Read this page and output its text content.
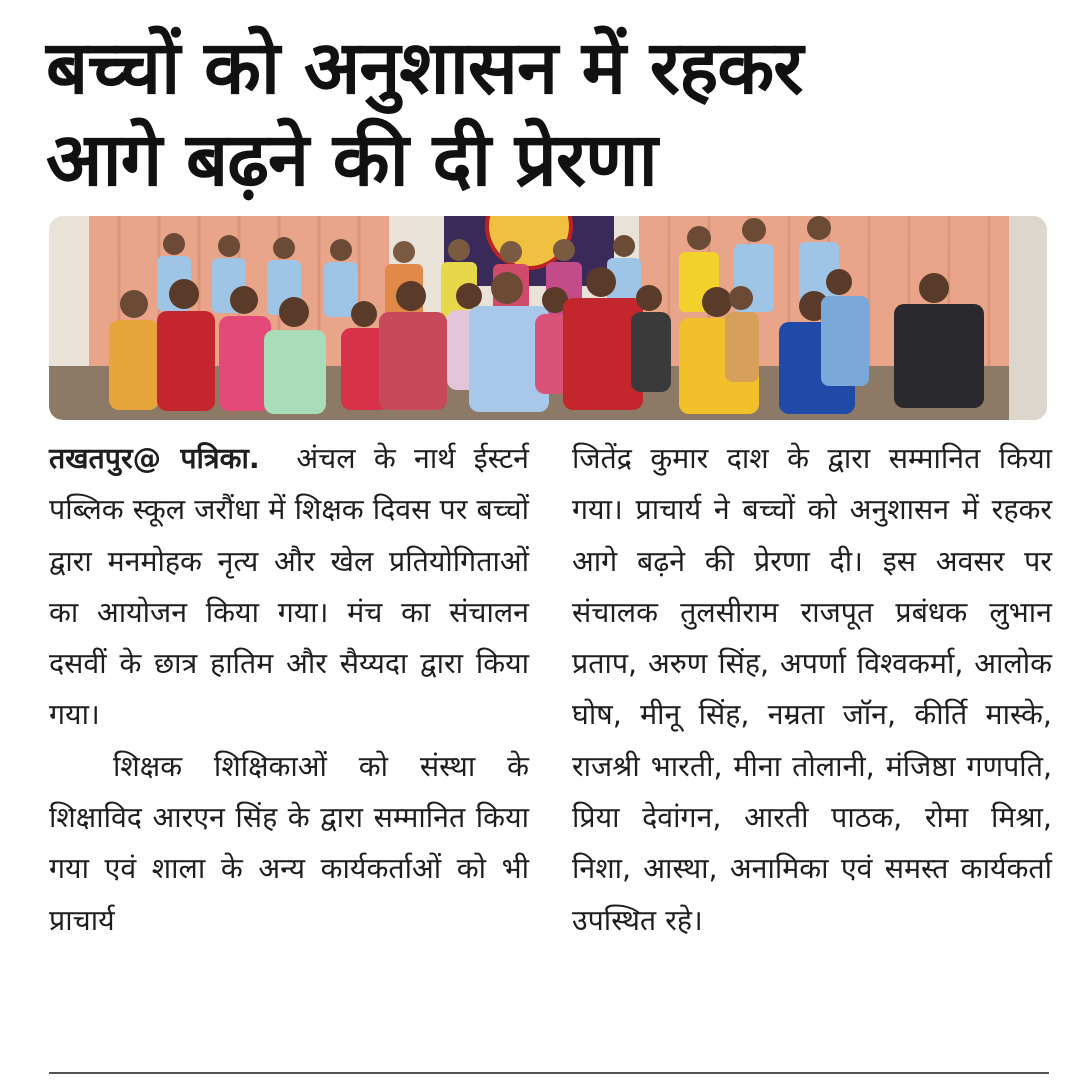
बच्चों को अनुशासन में रहकर
आगे बढ़ने की दी प्रेरणा

तखतपुर@ पत्रिका. अंचल के नार्थ ईस्टर्न पब्लिक स्कूल जरौंधा में शिक्षक दिवस पर बच्चों द्वारा मनमोहक नृत्य और खेल प्रतियोगिताओं का आयोजन किया गया। मंच का संचालन दसवीं के छात्र हातिम और सैय्यदा द्वारा किया गया।

शिक्षक शिक्षिकाओं को संस्था के शिक्षाविद आरएन सिंह के द्वारा सम्मानित किया गया एवं शाला के अन्य कार्यकर्ताओं को भी प्राचार्य

जितेंद्र कुमार दाश के द्वारा सम्मानित किया गया। प्राचार्य ने बच्चों को अनुशासन में रहकर आगे बढ़ने की प्रेरणा दी। इस अवसर पर संचालक तुलसीराम राजपूत प्रबंधक लुभान प्रताप, अरुण सिंह, अपर्णा विश्वकर्मा, आलोक घोष, मीनू सिंह, नम्रता जॉन, कीर्ति मास्के, राजश्री भारती, मीना तोलानी, मंजिष्ठा गणपति, प्रिया देवांगन, आरती पाठक, रोमा मिश्रा, निशा, आस्था, अनामिका एवं समस्त कार्यकर्ता उपस्थित रहे।
